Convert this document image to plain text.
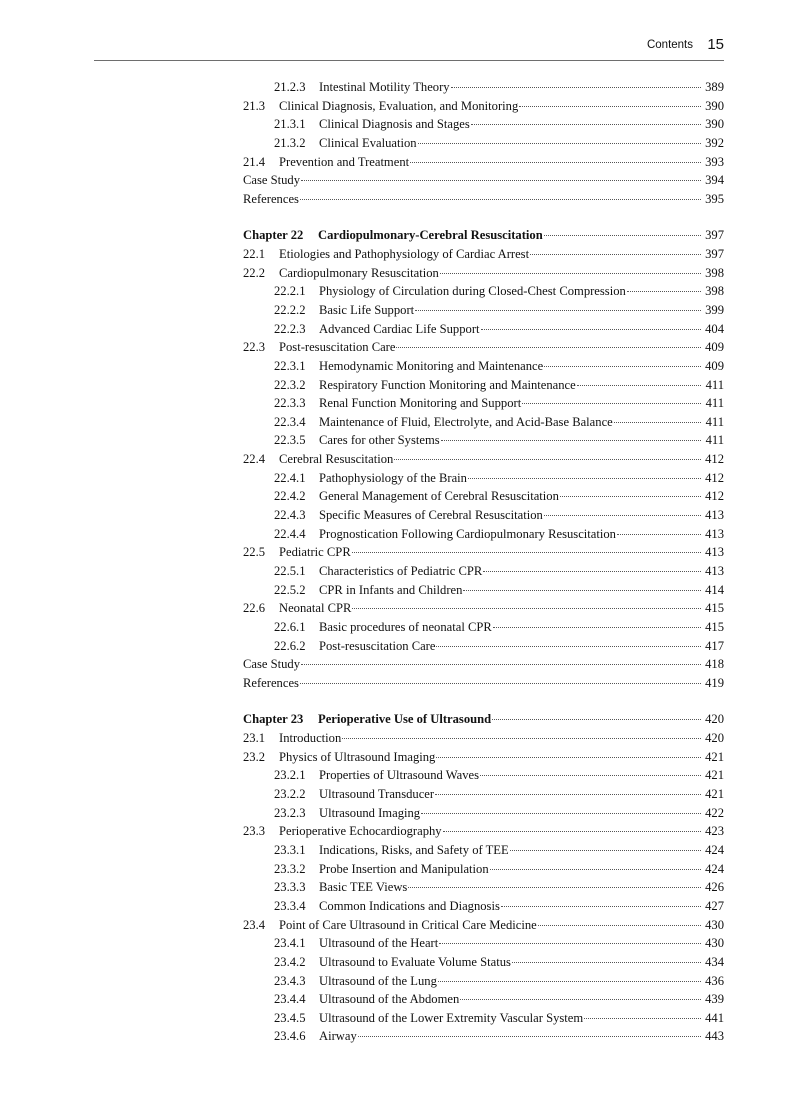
Contents 15
21.2.3	Intestinal Motility Theory	389
21.3	Clinical Diagnosis, Evaluation, and Monitoring	390
21.3.1	Clinical Diagnosis and Stages	390
21.3.2	Clinical Evaluation	392
21.4	Prevention and Treatment	393
Case Study	394
References	395
Chapter 22	Cardiopulmonary-Cerebral Resuscitation	397
22.1	Etiologies and Pathophysiology of Cardiac Arrest	397
22.2	Cardiopulmonary Resuscitation	398
22.2.1	Physiology of Circulation during Closed-Chest Compression	398
22.2.2	Basic Life Support	399
22.2.3	Advanced Cardiac Life Support	404
22.3	Post-resuscitation Care	409
22.3.1	Hemodynamic Monitoring and Maintenance	409
22.3.2	Respiratory Function Monitoring and Maintenance	411
22.3.3	Renal Function Monitoring and Support	411
22.3.4	Maintenance of Fluid, Electrolyte, and Acid-Base Balance	411
22.3.5	Cares for other Systems	411
22.4	Cerebral Resuscitation	412
22.4.1	Pathophysiology of the Brain	412
22.4.2	General Management of Cerebral Resuscitation	412
22.4.3	Specific Measures of Cerebral Resuscitation	413
22.4.4	Prognostication Following Cardiopulmonary Resuscitation	413
22.5	Pediatric CPR	413
22.5.1	Characteristics of Pediatric CPR	413
22.5.2	CPR in Infants and Children	414
22.6	Neonatal CPR	415
22.6.1	Basic procedures of neonatal CPR	415
22.6.2	Post-resuscitation Care	417
Case Study	418
References	419
Chapter 23	Perioperative Use of Ultrasound	420
23.1	Introduction	420
23.2	Physics of Ultrasound Imaging	421
23.2.1	Properties of Ultrasound Waves	421
23.2.2	Ultrasound Transducer	421
23.2.3	Ultrasound Imaging	422
23.3	Perioperative Echocardiography	423
23.3.1	Indications, Risks, and Safety of TEE	424
23.3.2	Probe Insertion and Manipulation	424
23.3.3	Basic TEE Views	426
23.3.4	Common Indications and Diagnosis	427
23.4	Point of Care Ultrasound in Critical Care Medicine	430
23.4.1	Ultrasound of the Heart	430
23.4.2	Ultrasound to Evaluate Volume Status	434
23.4.3	Ultrasound of the Lung	436
23.4.4	Ultrasound of the Abdomen	439
23.4.5	Ultrasound of the Lower Extremity Vascular System	441
23.4.6	Airway	443
